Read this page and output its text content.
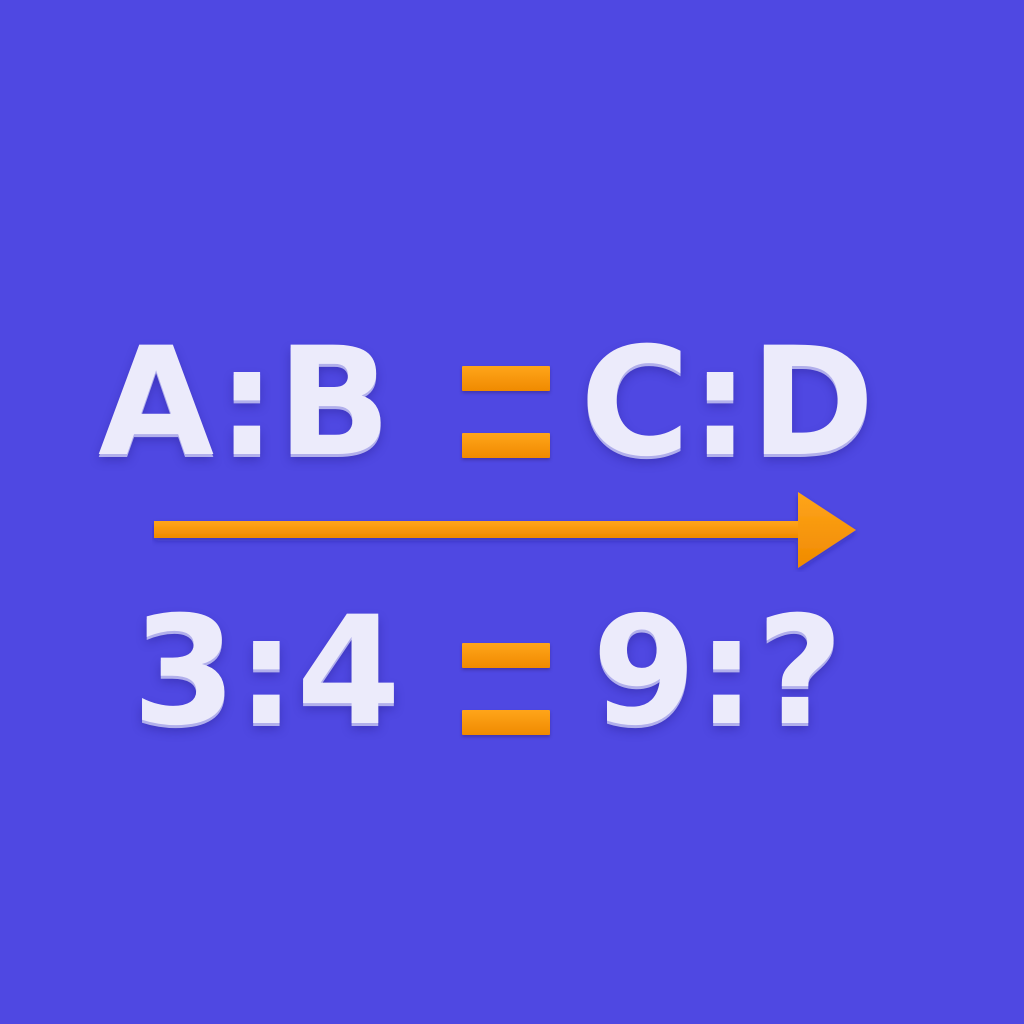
A:B C:D
3:4 9:?
